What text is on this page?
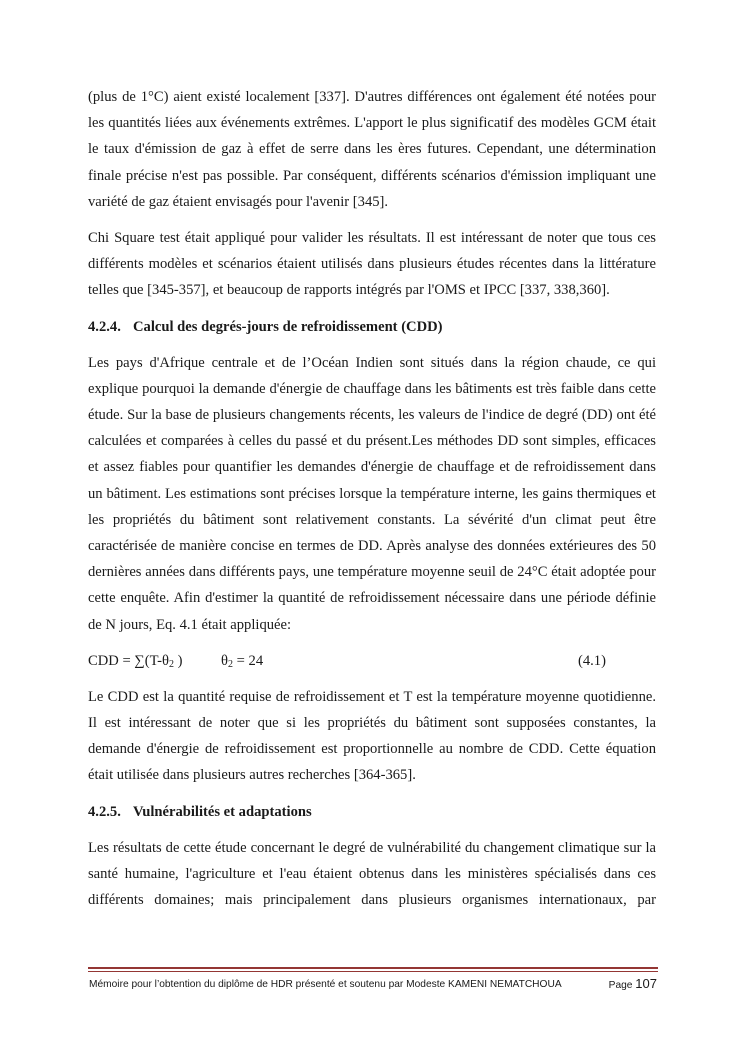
(plus de 1°C) aient existé localement [337]. D'autres différences ont également été notées pour les quantités liées aux événements extrêmes. L'apport le plus significatif des modèles GCM était le taux d'émission de gaz à effet de serre dans les ères futures. Cependant, une détermination finale précise n'est pas possible. Par conséquent, différents scénarios d'émission impliquant une variété de gaz étaient envisagés pour l'avenir [345].

Chi Square test était appliqué pour valider les résultats. Il est intéressant de noter que tous ces différents modèles et scénarios étaient utilisés dans plusieurs études récentes dans la littérature telles que [345-357], et beaucoup de rapports intégrés par l'OMS et IPCC [337, 338,360].

4.2.4. Calcul des degrés-jours de refroidissement (CDD)

Les pays d'Afrique centrale et de l’Océan Indien sont situés dans la région chaude, ce qui explique pourquoi la demande d'énergie de chauffage dans les bâtiments est très faible dans cette étude. Sur la base de plusieurs changements récents, les valeurs de l'indice de degré (DD) ont été calculées et comparées à celles du passé et du présent.Les méthodes DD sont simples, efficaces et assez fiables pour quantifier les demandes d'énergie de chauffage et de refroidissement dans un bâtiment. Les estimations sont précises lorsque la température interne, les gains thermiques et les propriétés du bâtiment sont relativement constants. La sévérité d'un climat peut être caractérisée de manière concise en termes de DD. Après analyse des données extérieures des 50 dernières années dans différents pays, une température moyenne seuil de 24°C était adoptée pour cette enquête. Afin d'estimer la quantité de refroidissement nécessaire dans une période définie de N jours, Eq. 4.1 était appliquée:

CDD = $\sum(T-\theta_2$ )	$\theta_2 = 24$	(4.1)

Le CDD est la quantité requise de refroidissement et T est la température moyenne quotidienne. Il est intéressant de noter que si les propriétés du bâtiment sont supposées constantes, la demande d'énergie de refroidissement est proportionnelle au nombre de CDD. Cette équation était utilisée dans plusieurs autres recherches [364-365].

4.2.5. Vulnérabilités et adaptations

Les résultats de cette étude concernant le degré de vulnérabilité du changement climatique sur la santé humaine, l'agriculture et l'eau étaient obtenus dans les ministères spécialisés dans ces différents domaines; mais principalement dans plusieurs organismes internationaux, par

Mémoire pour l’obtention du diplôme de HDR présenté et soutenu par Modeste KAMENI NEMATCHOUA	Page 107
